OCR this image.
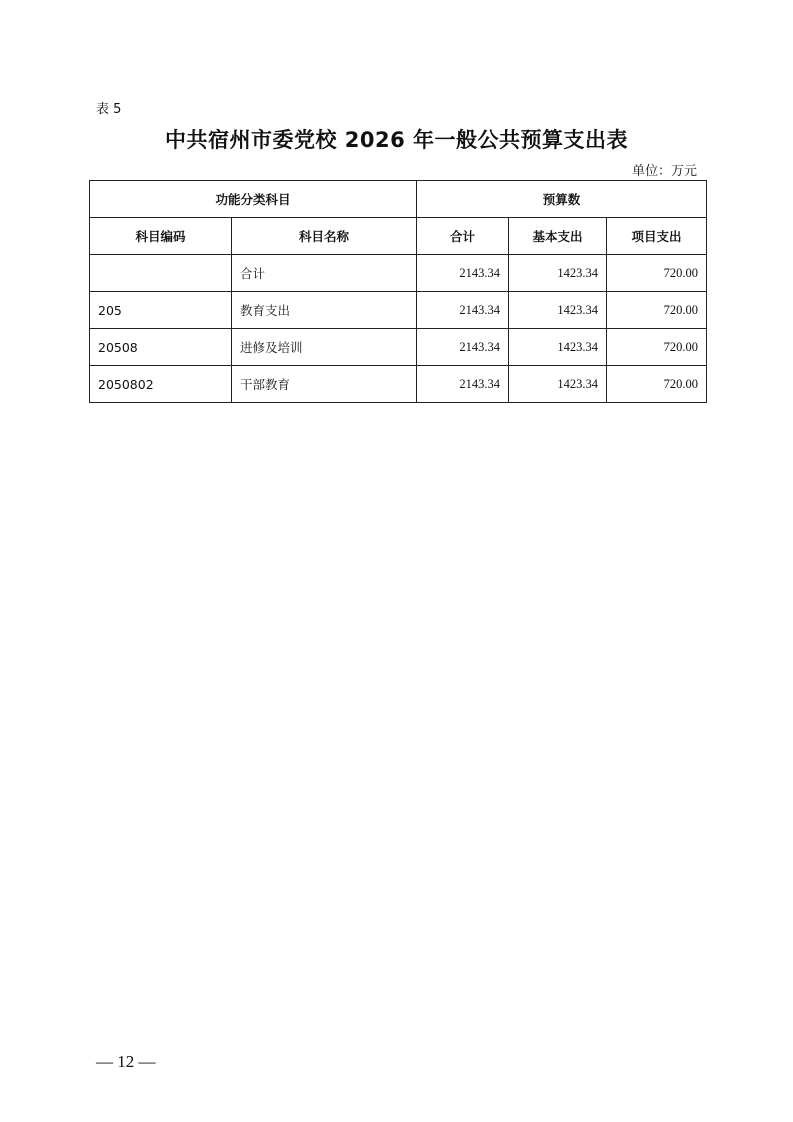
表 5
中共宿州市委党校 2026 年一般公共预算支出表
单位：万元
功能分类科目		预算数		
科目编码	科目名称	合计	基本支出	项目支出
	合计	2143.34	1423.34	720.00
205	教育支出	2143.34	1423.34	720.00
20508	进修及培训	2143.34	1423.34	720.00
2050802	干部教育	2143.34	1423.34	720.00
— 12 —
